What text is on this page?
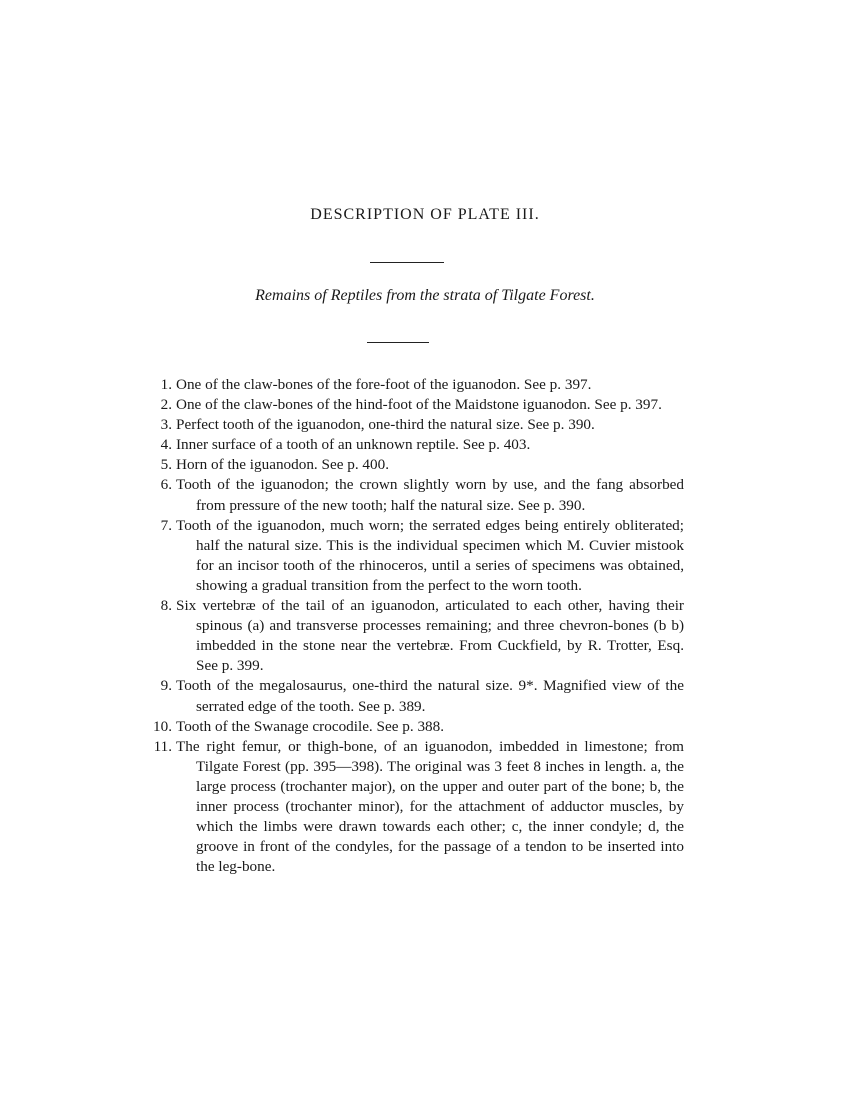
DESCRIPTION OF PLATE III.
Remains of Reptiles from the strata of Tilgate Forest.
1. One of the claw-bones of the fore-foot of the iguanodon. See p. 397.
2. One of the claw-bones of the hind-foot of the Maidstone iguanodon. See p. 397.
3. Perfect tooth of the iguanodon, one-third the natural size. See p. 390.
4. Inner surface of a tooth of an unknown reptile. See p. 403.
5. Horn of the iguanodon. See p. 400.
6. Tooth of the iguanodon; the crown slightly worn by use, and the fang absorbed from pressure of the new tooth; half the natural size. See p. 390.
7. Tooth of the iguanodon, much worn; the serrated edges being entirely obliterated; half the natural size. This is the individual specimen which M. Cuvier mistook for an incisor tooth of the rhinoceros, until a series of specimens was obtained, showing a gradual transition from the perfect to the worn tooth.
8. Six vertebræ of the tail of an iguanodon, articulated to each other, having their spinous (a) and transverse processes remaining; and three chevron-bones (b b) imbedded in the stone near the vertebræ. From Cuckfield, by R. Trotter, Esq. See p. 399.
9. Tooth of the megalosaurus, one-third the natural size. 9*. Magnified view of the serrated edge of the tooth. See p. 389.
10. Tooth of the Swanage crocodile. See p. 388.
11. The right femur, or thigh-bone, of an iguanodon, imbedded in limestone; from Tilgate Forest (pp. 395—398). The original was 3 feet 8 inches in length. a, the large process (trochanter major), on the upper and outer part of the bone; b, the inner process (trochanter minor), for the attachment of adductor muscles, by which the limbs were drawn towards each other; c, the inner condyle; d, the groove in front of the condyles, for the passage of a tendon to be inserted into the leg-bone.
